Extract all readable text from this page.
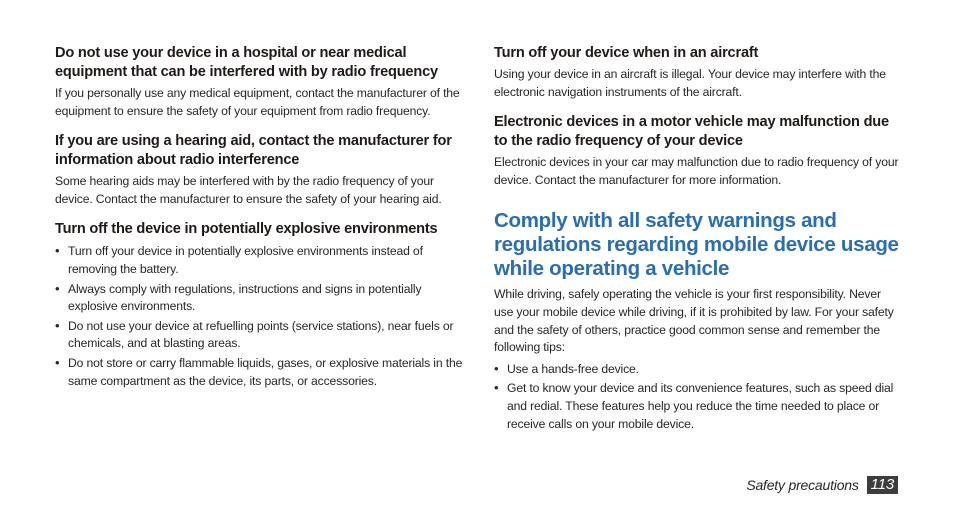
Do not use your device in a hospital or near medical equipment that can be interfered with by radio frequency

If you personally use any medical equipment, contact the manufacturer of the equipment to ensure the safety of your equipment from radio frequency.

If you are using a hearing aid, contact the manufacturer for information about radio interference

Some hearing aids may be interfered with by the radio frequency of your device. Contact the manufacturer to ensure the safety of your hearing aid.

Turn off the device in potentially explosive environments
• Turn off your device in potentially explosive environments instead of removing the battery.
• Always comply with regulations, instructions and signs in potentially explosive environments.
• Do not use your device at refuelling points (service stations), near fuels or chemicals, and at blasting areas.
• Do not store or carry flammable liquids, gases, or explosive materials in the same compartment as the device, its parts, or accessories.
Turn off your device when in an aircraft

Using your device in an aircraft is illegal. Your device may interfere with the electronic navigation instruments of the aircraft.

Electronic devices in a motor vehicle may malfunction due to the radio frequency of your device

Electronic devices in your car may malfunction due to radio frequency of your device. Contact the manufacturer for more information.

Comply with all safety warnings and regulations regarding mobile device usage while operating a vehicle

While driving, safely operating the vehicle is your first responsibility. Never use your mobile device while driving, if it is prohibited by law. For your safety and the safety of others, practice good common sense and remember the following tips:

• Use a hands-free device.
• Get to know your device and its convenience features, such as speed dial and redial. These features help you reduce the time needed to place or receive calls on your mobile device.
Safety precautions 113
